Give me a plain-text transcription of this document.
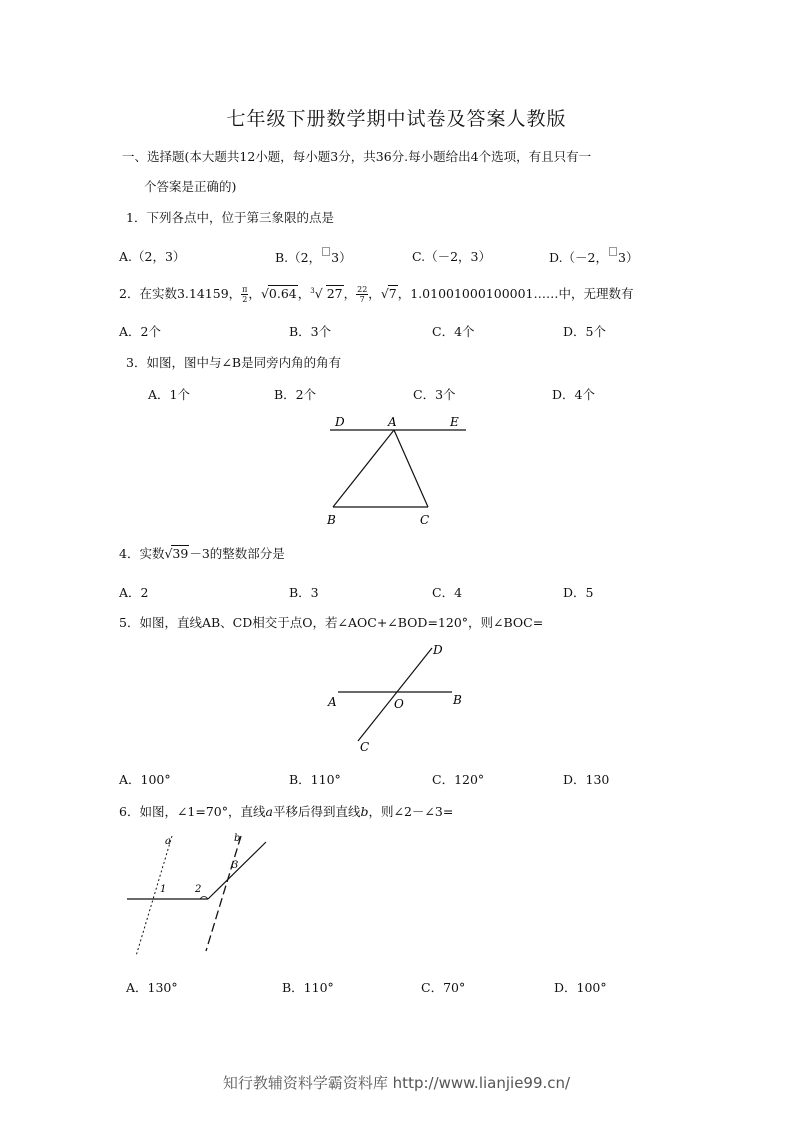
七年级下册数学期中试卷及答案人教版
一、选择题(本大题共12小题，每小题3分，共36分.每小题给出4个选项，有且只有一
个答案是正确的)
1．下列各点中，位于第三象限的点是
A.（2，3）	B.（2， 3）	C.（－2，3）	D.（－2， 3）
2．在实数3.14159， $\frac{\pi}{2}$ ，√0.64，$^3$√ 27， $\frac{22}{7}$ ，√7，1.01001000100001……中，无理数有
A．2个	B．3个	C．4个	D．5个
3．如图，图中与∠B是同旁内角的角有
A．1个	B．2个	C．3个	D．4个
D	A	E
B	C
4．实数√39－3的整数部分是
A．2	B．3	C．4	D．5
5．如图，直线AB、CD相交于点O，若∠AOC+∠BOD=120°，则∠BOC=
D
A	O	B
C
A．100°	B．110°	C．120°	D．130
6．如图，∠1=70°，直线a平移后得到直线b，则∠2－∠3=
a	b
1	2
3
A．130°	B．110°	C．70°	D．100°
知行教辅资料学霸资料库 http://www.lianjie99.cn/
